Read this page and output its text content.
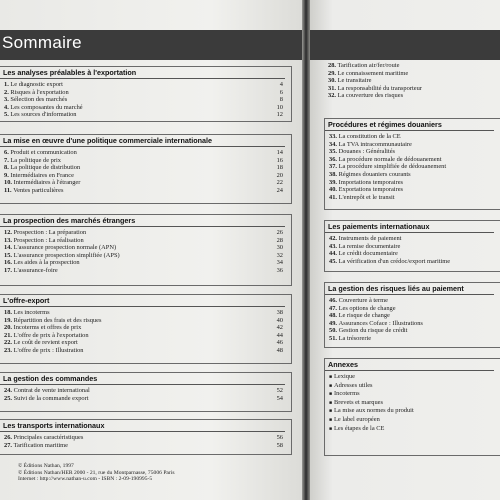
Sommaire
Les analyses préalables à l'exportation
1. Le diagnostic export	4
2. Risques à l'exportation	6
3. Sélection des marchés	8
4. Les composantes du marché	10
5. Les sources d'information	12
La mise en œuvre d'une politique commerciale internationale
6. Produit et communication	14
7. La politique de prix	16
8. La politique de distribution	18
9. Intermédiaires en France	20
10. Intermédiaires à l'étranger	22
11. Ventes particulières	24
La prospection des marchés étrangers
12. Prospection : La préparation	26
13. Prospection : La réalisation	28
14. L'assurance prospection normale (APN)	30
15. L'assurance prospection simplifiée (APS)	32
16. Les aides à la prospection	34
17. L'assurance-foire	36
L'offre-export
18. Les incoterms	38
19. Répartition des frais et des risques	40
20. Incoterms et offres de prix	42
21. L'offre de prix à l'exportation	44
22. Le coût de revient export	46
23. L'offre de prix : Illustration	48
La gestion des commandes
24. Contrat de vente international	52
25. Suivi de la commande export	54
Les transports internationaux
26. Principales caractéristiques	56
27. Tarification maritime	58
© Éditions Nathan, 1997
© Éditions Nathan/HER 2000 - 21, rue du Montparnasse, 75006 Paris
Internet : http://www.nathan-u.com - ISBN : 2-09-190995-5
28. Tarification air/fer/route
29. Le connaissement maritime
30. Le transitaire
31. La responsabilité du transporteur
32. La couverture des risques
Procédures et régimes douaniers
33. La constitution de la CE
34. La TVA intracommunautaire
35. Douanes : Généralités
36. La procédure normale de dédouanement
37. La procédure simplifiée de dédouanement
38. Régimes douaniers courants
39. Importations temporaires
40. Exportations temporaires
41. L'entrepôt et le transit
Les paiements internationaux
42. Instruments de paiement
43. La remise documentaire
44. Le crédit documentaire
45. La vérification d'un crédoc/export maritime
La gestion des risques liés au paiement
46. Couverture à terme
47. Les options de change
48. Le risque de change
49. Assurances Coface : Illustrations
50. Gestion du risque de crédit
51. La trésorerie
Annexes
■ Lexique
■ Adresses utiles
■ Incoterms
■ Brevets et marques
■ La mise aux normes du produit
■ Le label européen
■ Les étapes de la CE
